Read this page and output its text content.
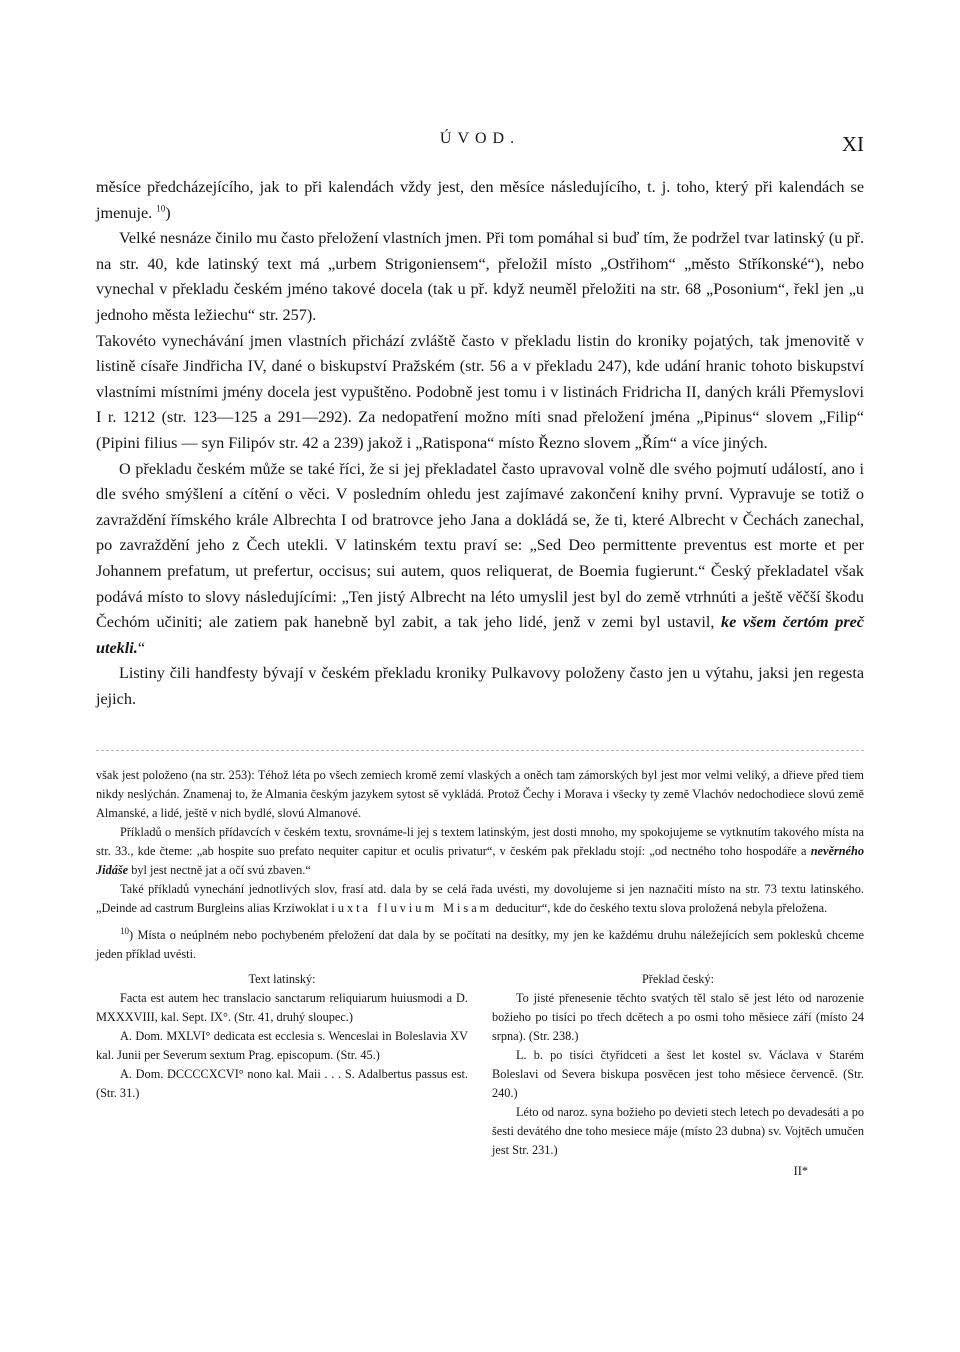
ÚVOD.	XI

měsíce předcházejícího, jak to při kalendách vždy jest, den měsíce následujícího, t. j. toho, který při kalendách se jmenuje. $^{10}$)

Velké nesnáze činilo mu často přeložení vlastních jmen. Při tom pomáhal si buď tím, že podržel tvar latinský (u př. na str. 40, kde latinský text má „urbem Strigoniensem“, přeložil místo „Ostřihom“ „město Stříkonské“), nebo vynechal v překladu českém jméno takové docela (tak u př. když neuměl přeložiti na str. 68 „Posonium“, řekl jen „u jednoho města ležiechu“ str. 257).

Takovéto vynechávání jmen vlastních přichází zvláště často v překladu listin do kroniky pojatých, tak jmenovitě v listině císaře Jindřicha IV, dané o biskupství Pražském (str. 56 a v překladu 247), kde udání hranic tohoto biskupství vlastními místními jmény docela jest vypuštěno. Podobně jest tomu i v listinách Fridricha II, daných králi Přemyslovi I r. 1212 (str. 123—125 a 291—292). Za nedopatření možno míti snad přeložení jména „Pipinus“ slovem „Filip“ (Pipini filius — syn Filipóv str. 42 a 239) jakož i „Ratispona“ místo Řezno slovem „Řím“ a více jiných.

O překladu českém může se také říci, že si jej překladatel často upravoval volně dle svého pojmutí událostí, ano i dle svého smýšlení a cítění o věci. V posledním ohledu jest zajímavé zakončení knihy první. Vypravuje se totiž o zavraždění římského krále Albrechta I od bratrovce jeho Jana a dokládá se, že ti, které Albrecht v Čechách zanechal, po zavraždění jeho z Čech utekli. V latinském textu praví se: „Sed Deo permittente preventus est morte et per Johannem prefatum, ut prefertur, occisus; sui autem, quos reliquerat, de Boemia fugierunt.“ Český překladatel však podává místo to slovy následujícími: „Ten jistý Albrecht na léto umyslil jest byl do země vtrhnúti a ještě věčší škodu Čechóm učiniti; ale zatiem pak hanebně byl zabit, a tak jeho lidé, jenž v zemi byl ustavil, ke všem čertóm preč utekli.“

Listiny čili handfesty bývají v českém překladu kroniky Pulkavovy položeny často jen u výtahu, jaksi jen regesta jejich.

však jest položeno (na str. 253): Téhož léta po všech zemiech kromě zemí vlaských a oněch tam zámorských byl jest mor velmi veliký, a dřieve před tiem nikdy neslýchán. Znamenaj to, že Almania českým jazykem sytost sě vykládá. Protož Čechy i Morava i všecky ty země Vlachóv nedochodiece slovú země Almanské, a lidé, ještě v nich bydlé, slovú Almanové.

Příkladů o menších přídavcích v českém textu, srovnáme-li jej s textem latinským, jest dosti mnoho, my spokojujeme se vytknutím takového místa na str. 33., kde čteme: „ab hospite suo prefato nequiter capitur et oculis privatur“, v českém pak překladu stojí: „od nectného toho hospodáře a nevěrného Jidáše byl jest nectně jat a očí svú zbaven.“

Také příkladů vynechání jednotlivých slov, frasí atd. dala by se celá řada uvésti, my dovolujeme si jen naznačiti místo na str. 73 textu latinského. „Deinde ad castrum Burgleins alias Krziwoklat iuxta fluvium Misam deducitur“, kde do českého textu slova proložená nebyla přeložena.

$^{10}$) Místa o neúplném nebo pochybeném přeložení dat dala by se počítati na desítky, my jen ke každému druhu náležejících sem poklesků chceme jeden příklad uvésti.

Text latinský:

Facta est autem hec translacio sanctarum reliquiarum huiusmodi a D. MXXXVIII, kal. Sept. IX°. (Str. 41, druhý sloupec.)

A. Dom. MXLVI° dedicata est ecclesia s. Wenceslai in Boleslavia XV kal. Junii per Severum sextum Prag. episcopum. (Str. 45.)

A. Dom. DCCCCXCVI° nono kal. Maii . . . S. Adalbertus passus est. (Str. 31.)

Překlad český:

To jisté přenesenie těchto svatých těl stalo sě jest léto od narozenie božieho po tisíci po třech dcětech a po osmi toho měsiece září (místo 24 srpna). (Str. 238.)

L. b. po tisíci čtyřidceti a šest let kostel sv. Václava v Starém Boleslavi od Severa biskupa posvěcen jest toho měsiece červencě. (Str. 240.)

Léto od naroz. syna božieho po devieti stech letech po devadesáti a po šesti devátého dne toho mesiece máje (místo 23 dubna) sv. Vojtěch umučen jest Str. 231.)

II*
